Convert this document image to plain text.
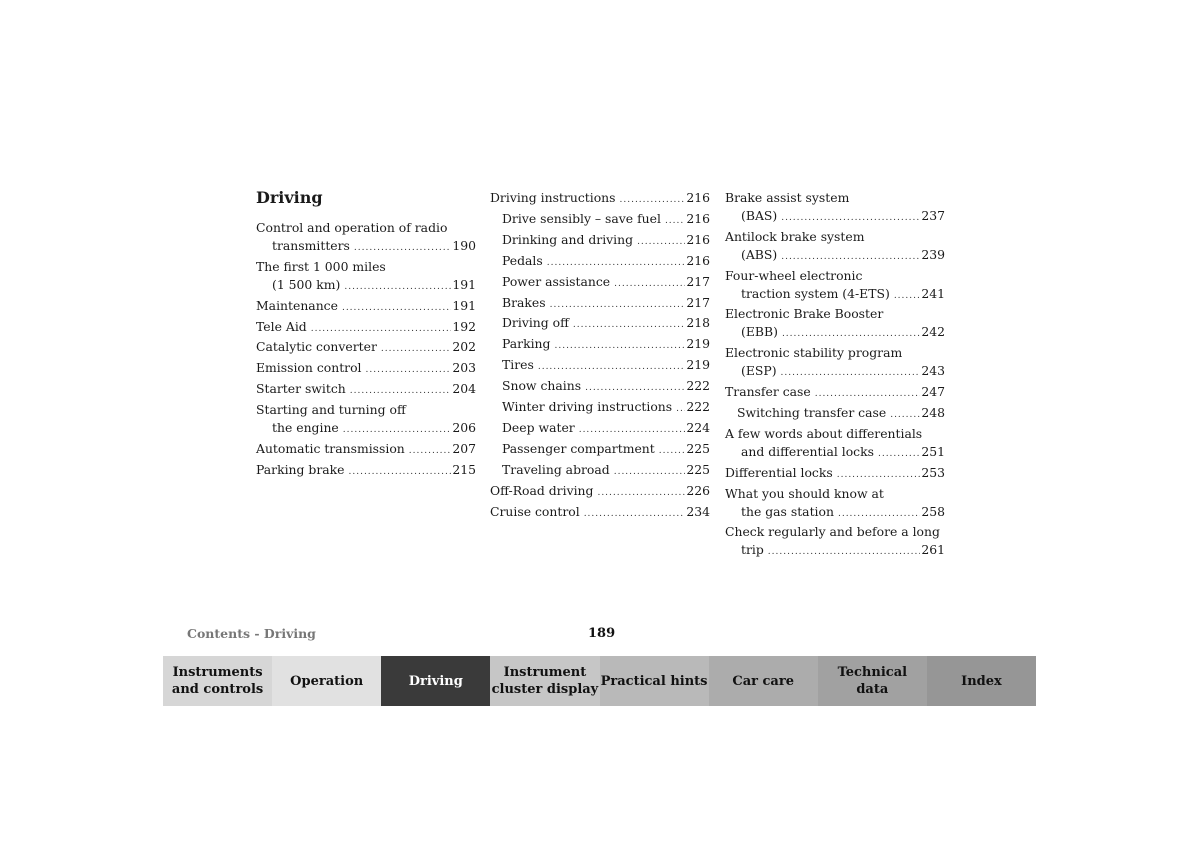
Driving
Control and operation of radio
transmitters .....	190
The first 1 000 miles
(1 500 km) .....	191
Maintenance .....	191
Tele Aid .....	192
Catalytic converter .....	202
Emission control .....	203
Starter switch .....	204
Starting and turning off
the engine .....	206
Automatic transmission .....	207
Parking brake .....	215
Driving instructions .....	216
Drive sensibly – save fuel ..... 216
Drinking and driving .....	216
Pedals .....	216
Power assistance .....	217
Brakes .....	217
Driving off .....	218
Parking .....	219
Tires .....	219
Snow chains .....	222
Winter driving instructions ..... 222
Deep water .....	224
Passenger compartment .....	225
Traveling abroad .....	225
Off-Road driving .....	226
Cruise control .....	234
Brake assist system
(BAS) .....	237
Antilock brake system
(ABS) .....	239
Four-wheel electronic
traction system (4-ETS) .....	241
Electronic Brake Booster
(EBB) .....	242
Electronic stability program
(ESP) .....	243
Transfer case .....	247
Switching transfer case .....	248
A few words about differentials
and differential locks .....	251
Differential locks .....	253
What you should know at
the gas station .....	258
Check regularly and before a long
trip .....	261
Contents - Driving	189
Instruments
and controls
Operation	Driving
Instrument
cluster display
Practical hints	Car care
Technical
data
Index
